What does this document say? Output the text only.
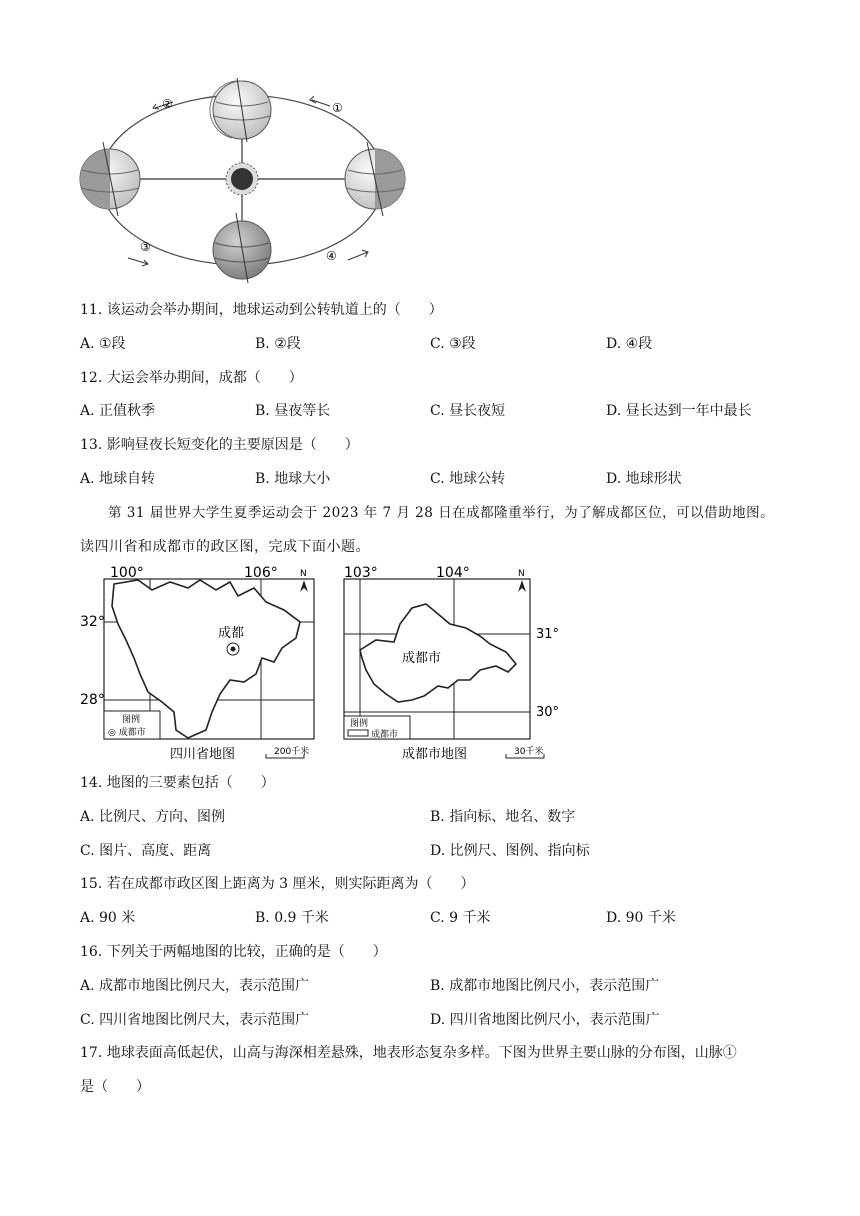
①
②
③
④
11. 该运动会举办期间，地球运动到公转轨道上的（　　）
A. ①段	B. ②段	C. ③段	D. ④段
12. 大运会举办期间，成都（　　）
A. 正值秋季	B. 昼夜等长	C. 昼长夜短	D. 昼长达到一年中最长
13. 影响昼夜长短变化的主要原因是（　　）
A. 地球自转	B. 地球大小	C. 地球公转	D. 地球形状
第 31 届世界大学生夏季运动会于 2023 年 7 月 28 日在成都隆重举行，为了解成都区位，可以借助地图。
读四川省和成都市的政区图，完成下面小题。
成都
100°	106°
32°
28°
N
图例
◎ 成都市
四川省地图	200千米
成都市
103°	104°
31°
30°
N
图例
成都市
成都市地图	30千米
14. 地图的三要素包括（　　）
A. 比例尺、方向、图例	B. 指向标、地名、数字
C. 图片、高度、距离	D. 比例尺、图例、指向标
15. 若在成都市政区图上距离为 3 厘米，则实际距离为（　　）
A. 90 米	B. 0.9 千米	C. 9 千米	D. 90 千米
16. 下列关于两幅地图的比较，正确的是（　　）
A. 成都市地图比例尺大，表示范围广	B. 成都市地图比例尺小，表示范围广
C. 四川省地图比例尺大，表示范围广	D. 四川省地图比例尺小，表示范围广
17. 地球表面高低起伏，山高与海深相差悬殊，地表形态复杂多样。下图为世界主要山脉的分布图，山脉①
是（　　）
